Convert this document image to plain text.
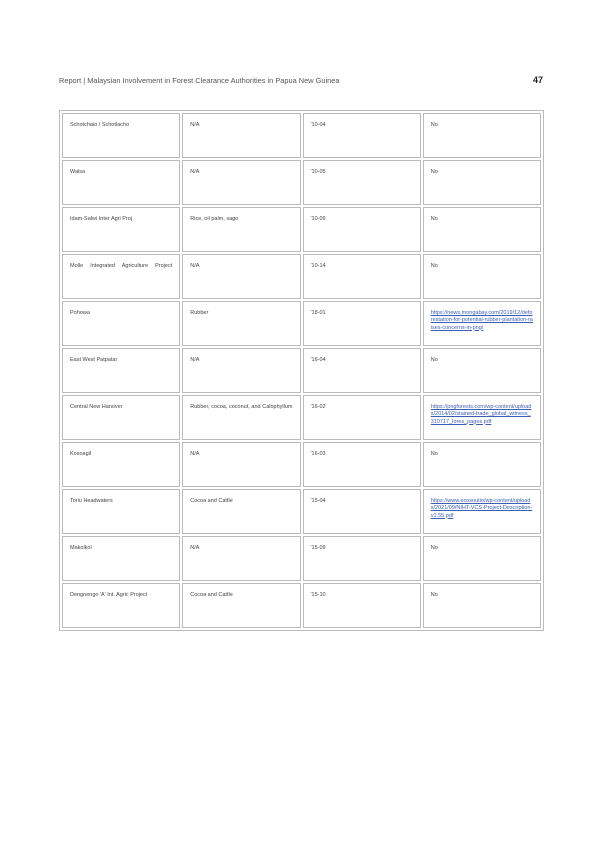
Report | Malaysian Involvement in Forest Clearance Authorities in Papua New Guinea	47
Schotchaio / Schotlacho	N/A	'10-04	No
Walsa	N/A	'10-05	No
Idam-Salwi Inter Agri Proj	Rice, oil palm, sago	'10-09	No
Molle Integrated Agriculture Project	N/A	'10-14	No
Pohowa	Rubber	'18-01	https://news.mongabay.com/2019/12/deforestation-for-potential-rubber-plantation-raises-concerns-in-png/
East West Patpatar	N/A	'16-04	No
Central New Hanover	Rubber, cocoa, coconut, and Calophyllum	'16-02	https://pngforests.com/wp-content/uploads/2014/02/stained-trade_global_witness_310717_lores_pages.pdf
Kosoagil	N/A	'16-03	No
Toriu Headwaters	Cocoa and Cattle	'15-04	https://www.ecosoutio/wp-content/uploads/2021/09/NIHT-VCS-Project-Description-v1.55.pdf
Makolkol	N/A	'15-09	No
Dengnengo 'A' Int. Agric Project	Cocoa and Cattle	'15-10	No
